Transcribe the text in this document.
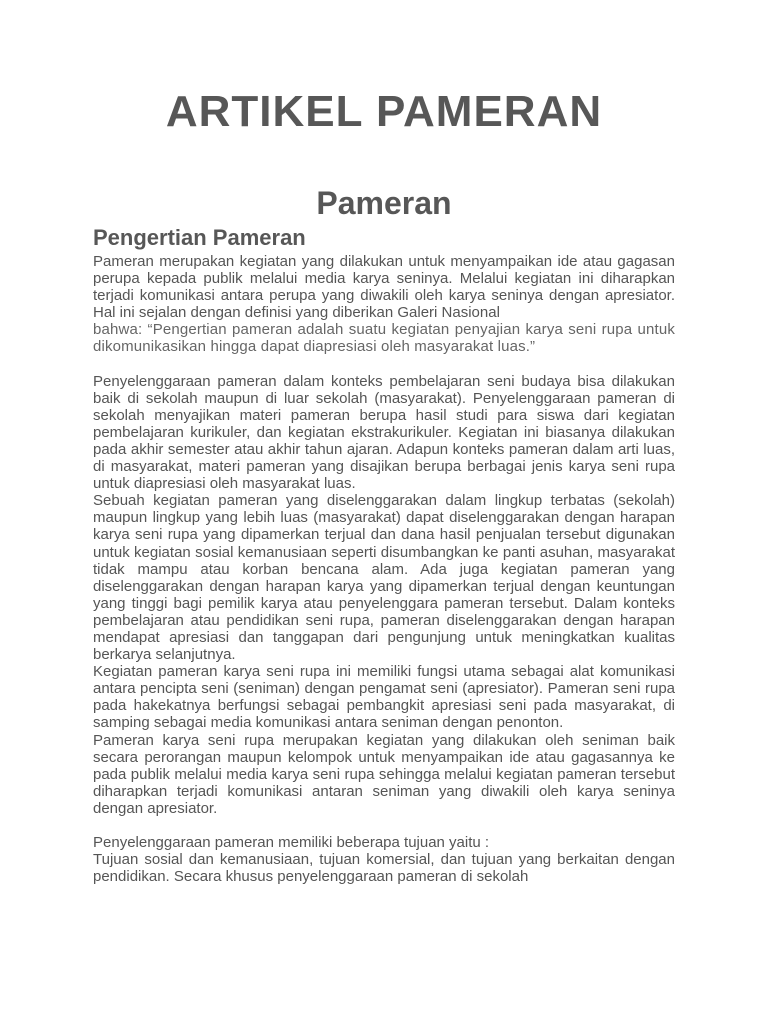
ARTIKEL PAMERAN
Pameran
Pengertian Pameran

Pameran merupakan kegiatan yang dilakukan untuk menyampaikan ide atau gagasan perupa kepada publik melalui media karya seninya. Melalui kegiatan ini diharapkan terjadi komunikasi antara perupa yang diwakili oleh karya seninya dengan apresiator. Hal ini sejalan dengan definisi yang diberikan Galeri Nasional

bahwa: “Pengertian pameran adalah suatu kegiatan penyajian karya seni rupa untuk dikomunikasikan hingga dapat diapresiasi oleh masyarakat luas.”

Penyelenggaraan pameran dalam konteks pembelajaran seni budaya bisa dilakukan baik di sekolah maupun di luar sekolah (masyarakat). Penyelenggaraan pameran di sekolah menyajikan materi pameran berupa hasil studi para siswa dari kegiatan pembelajaran kurikuler, dan kegiatan ekstrakurikuler. Kegiatan ini biasanya dilakukan pada akhir semester atau akhir tahun ajaran. Adapun konteks pameran dalam arti luas, di masyarakat, materi pameran yang disajikan berupa berbagai jenis karya seni rupa untuk diapresiasi oleh masyarakat luas.

Sebuah kegiatan pameran yang diselenggarakan dalam lingkup terbatas (sekolah) maupun lingkup yang lebih luas (masyarakat) dapat diselenggarakan dengan harapan karya seni rupa yang dipamerkan terjual dan dana hasil penjualan tersebut digunakan untuk kegiatan sosial kemanusiaan seperti disumbangkan ke panti asuhan, masyarakat tidak mampu atau korban bencana alam. Ada juga kegiatan pameran yang diselenggarakan dengan harapan karya yang dipamerkan terjual dengan keuntungan yang tinggi bagi pemilik karya atau penyelenggara pameran tersebut. Dalam konteks pembelajaran atau pendidikan seni rupa, pameran diselenggarakan dengan harapan mendapat apresiasi dan tanggapan dari pengunjung untuk meningkatkan kualitas berkarya selanjutnya.

Kegiatan pameran karya seni rupa ini memiliki fungsi utama sebagai alat komunikasi antara pencipta seni (seniman) dengan pengamat seni (apresiator). Pameran seni rupa pada hakekatnya berfungsi sebagai pembangkit apresiasi seni pada masyarakat, di samping sebagai media komunikasi antara seniman dengan penonton.

Pameran karya seni rupa merupakan kegiatan yang dilakukan oleh seniman baik secara perorangan maupun kelompok untuk menyampaikan ide atau gagasannya ke pada publik melalui media karya seni rupa sehingga melalui kegiatan pameran tersebut diharapkan terjadi komunikasi antaran seniman yang diwakili oleh karya seninya dengan apresiator.

Penyelenggaraan pameran memiliki beberapa tujuan yaitu :

Tujuan sosial dan kemanusiaan, tujuan komersial, dan tujuan yang berkaitan dengan pendidikan. Secara khusus penyelenggaraan pameran di sekolah
